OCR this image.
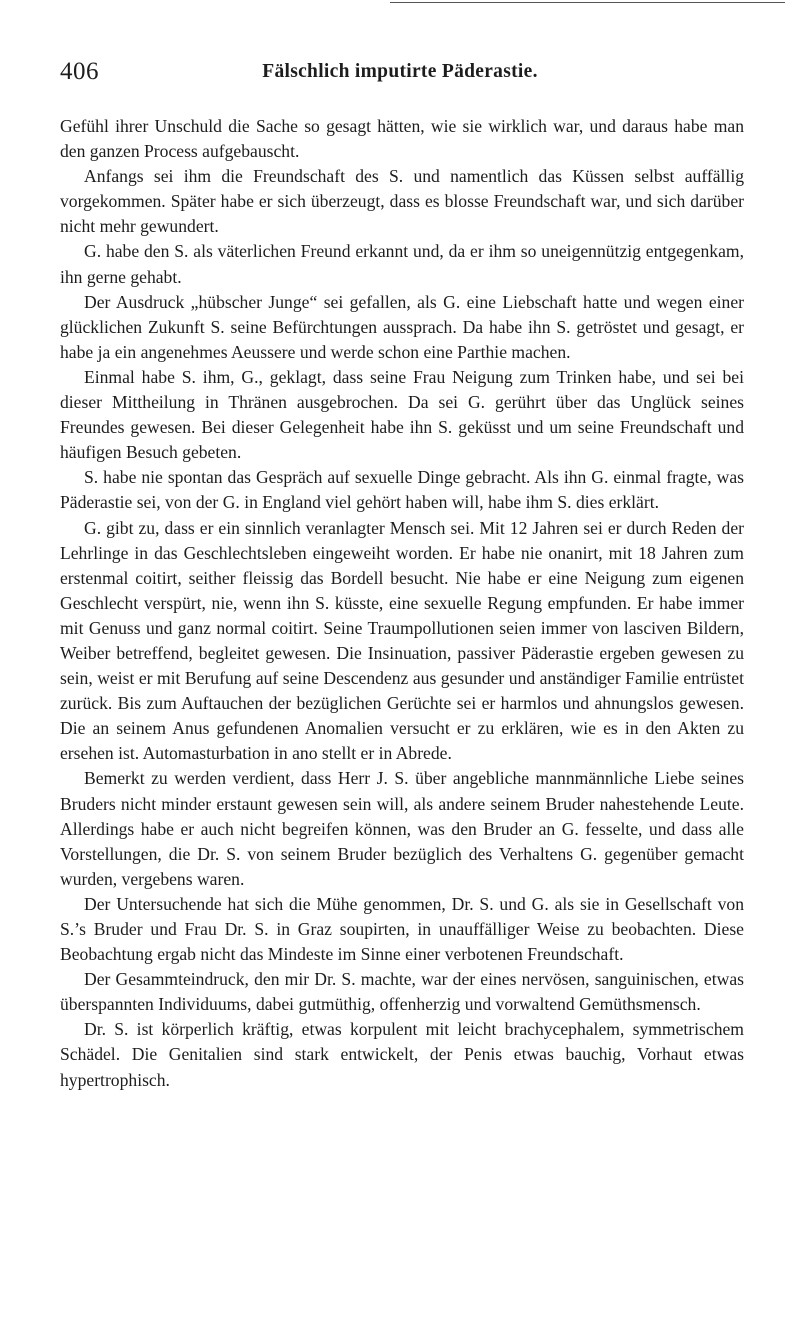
406	Fälschlich imputirte Päderastie.

Gefühl ihrer Unschuld die Sache so gesagt hätten, wie sie wirklich war, und daraus habe man den ganzen Process aufgebauscht.

Anfangs sei ihm die Freundschaft des S. und namentlich das Küssen selbst auffällig vorgekommen. Später habe er sich überzeugt, dass es blosse Freundschaft war, und sich darüber nicht mehr gewundert.

G. habe den S. als väterlichen Freund erkannt und, da er ihm so uneigennützig entgegenkam, ihn gerne gehabt.

Der Ausdruck „hübscher Junge“ sei gefallen, als G. eine Liebschaft hatte und wegen einer glücklichen Zukunft S. seine Befürchtungen aussprach. Da habe ihn S. getröstet und gesagt, er habe ja ein angenehmes Aeussere und werde schon eine Parthie machen.

Einmal habe S. ihm, G., geklagt, dass seine Frau Neigung zum Trinken habe, und sei bei dieser Mittheilung in Thränen ausgebrochen. Da sei G. gerührt über das Unglück seines Freundes gewesen. Bei dieser Gelegenheit habe ihn S. geküsst und um seine Freundschaft und häufigen Besuch gebeten.

S. habe nie spontan das Gespräch auf sexuelle Dinge gebracht. Als ihn G. einmal fragte, was Päderastie sei, von der G. in England viel gehört haben will, habe ihm S. dies erklärt.

G. gibt zu, dass er ein sinnlich veranlagter Mensch sei. Mit 12 Jahren sei er durch Reden der Lehrlinge in das Geschlechtsleben eingeweiht worden. Er habe nie onanirt, mit 18 Jahren zum erstenmal coitirt, seither fleissig das Bordell besucht. Nie habe er eine Neigung zum eigenen Geschlecht verspürt, nie, wenn ihn S. küsste, eine sexuelle Regung empfunden. Er habe immer mit Genuss und ganz normal coitirt. Seine Traumpollutionen seien immer von lasciven Bildern, Weiber betreffend, begleitet gewesen. Die Insinuation, passiver Päderastie ergeben gewesen zu sein, weist er mit Berufung auf seine Descendenz aus gesunder und anständiger Familie entrüstet zurück. Bis zum Auftauchen der bezüglichen Gerüchte sei er harmlos und ahnungslos gewesen. Die an seinem Anus gefundenen Anomalien versucht er zu erklären, wie es in den Akten zu ersehen ist. Automasturbation in ano stellt er in Abrede.

Bemerkt zu werden verdient, dass Herr J. S. über angebliche mannmännliche Liebe seines Bruders nicht minder erstaunt gewesen sein will, als andere seinem Bruder nahestehende Leute. Allerdings habe er auch nicht begreifen können, was den Bruder an G. fesselte, und dass alle Vorstellungen, die Dr. S. von seinem Bruder bezüglich des Verhaltens G. gegenüber gemacht wurden, vergebens waren.

Der Untersuchende hat sich die Mühe genommen, Dr. S. und G. als sie in Gesellschaft von S.’s Bruder und Frau Dr. S. in Graz soupirten, in unauffälliger Weise zu beobachten. Diese Beobachtung ergab nicht das Mindeste im Sinne einer verbotenen Freundschaft.

Der Gesammteindruck, den mir Dr. S. machte, war der eines nervösen, sanguinischen, etwas überspannten Individuums, dabei gutmüthig, offenherzig und vorwaltend Gemüthsmensch.

Dr. S. ist körperlich kräftig, etwas korpulent mit leicht brachycephalem, symmetrischem Schädel. Die Genitalien sind stark entwickelt, der Penis etwas bauchig, Vorhaut etwas hypertrophisch.
